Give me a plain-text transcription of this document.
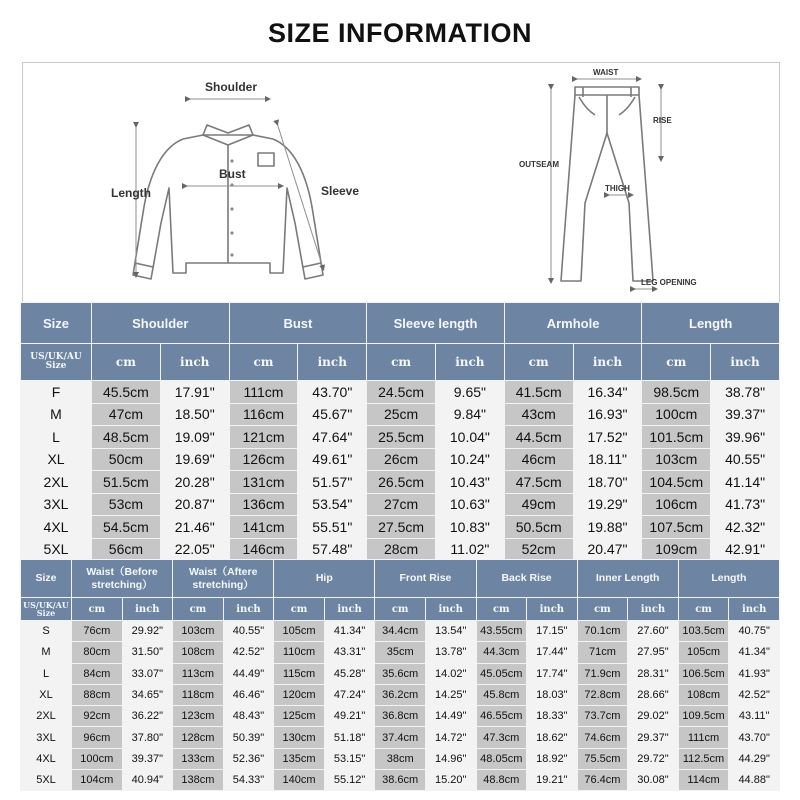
SIZE INFORMATION
Shoulder
Bust
Length	Sleeve
WAIST
RISE
OUTSEAM
THIGH
LEG OPENING
Size	Shoulder		Bust		Sleeve length		Armhole		Length	
US/UK/AU
Size	cm	inch	cm	inch	cm	inch	cm	inch	cm	inch
F	45.5cm	17.91"	111cm	43.70"	24.5cm	9.65"	41.5cm	16.34"	98.5cm	38.78"
M	47cm	18.50"	116cm	45.67"	25cm	9.84"	43cm	16.93"	100cm	39.37"
L	48.5cm	19.09"	121cm	47.64"	25.5cm	10.04"	44.5cm	17.52"	101.5cm	39.96"
XL	50cm	19.69"	126cm	49.61"	26cm	10.24"	46cm	18.11"	103cm	40.55"
2XL	51.5cm	20.28"	131cm	51.57"	26.5cm	10.43"	47.5cm	18.70"	104.5cm	41.14"
3XL	53cm	20.87"	136cm	53.54"	27cm	10.63"	49cm	19.29"	106cm	41.73"
4XL	54.5cm	21.46"	141cm	55.51"	27.5cm	10.83"	50.5cm	19.88"	107.5cm	42.32"
5XL	56cm	22.05"	146cm	57.48"	28cm	11.02"	52cm	20.47"	109cm	42.91"
Size	Waist（Before stretching）		Waist（Aftere stretching）		Hip		Front Rise		Back Rise		Inner Length		Length	
US/UK/AU
Size	cm	inch	cm	inch	cm	inch	cm	inch	cm	inch	cm	inch	cm	inch
S	76cm	29.92"	103cm	40.55"	105cm	41.34"	34.4cm	13.54"	43.55cm	17.15"	70.1cm	27.60"	103.5cm	40.75"
M	80cm	31.50"	108cm	42.52"	110cm	43.31"	35cm	13.78"	44.3cm	17.44"	71cm	27.95"	105cm	41.34"
L	84cm	33.07"	113cm	44.49"	115cm	45.28"	35.6cm	14.02"	45.05cm	17.74"	71.9cm	28.31"	106.5cm	41.93"
XL	88cm	34.65"	118cm	46.46"	120cm	47.24"	36.2cm	14.25"	45.8cm	18.03"	72.8cm	28.66"	108cm	42.52"
2XL	92cm	36.22"	123cm	48.43"	125cm	49.21"	36.8cm	14.49"	46.55cm	18.33"	73.7cm	29.02"	109.5cm	43.11"
3XL	96cm	37.80"	128cm	50.39"	130cm	51.18"	37.4cm	14.72"	47.3cm	18.62"	74.6cm	29.37"	111cm	43.70"
4XL	100cm	39.37"	133cm	52.36"	135cm	53.15"	38cm	14.96"	48.05cm	18.92"	75.5cm	29.72"	112.5cm	44.29"
5XL	104cm	40.94"	138cm	54.33"	140cm	55.12"	38.6cm	15.20"	48.8cm	19.21"	76.4cm	30.08"	114cm	44.88"
